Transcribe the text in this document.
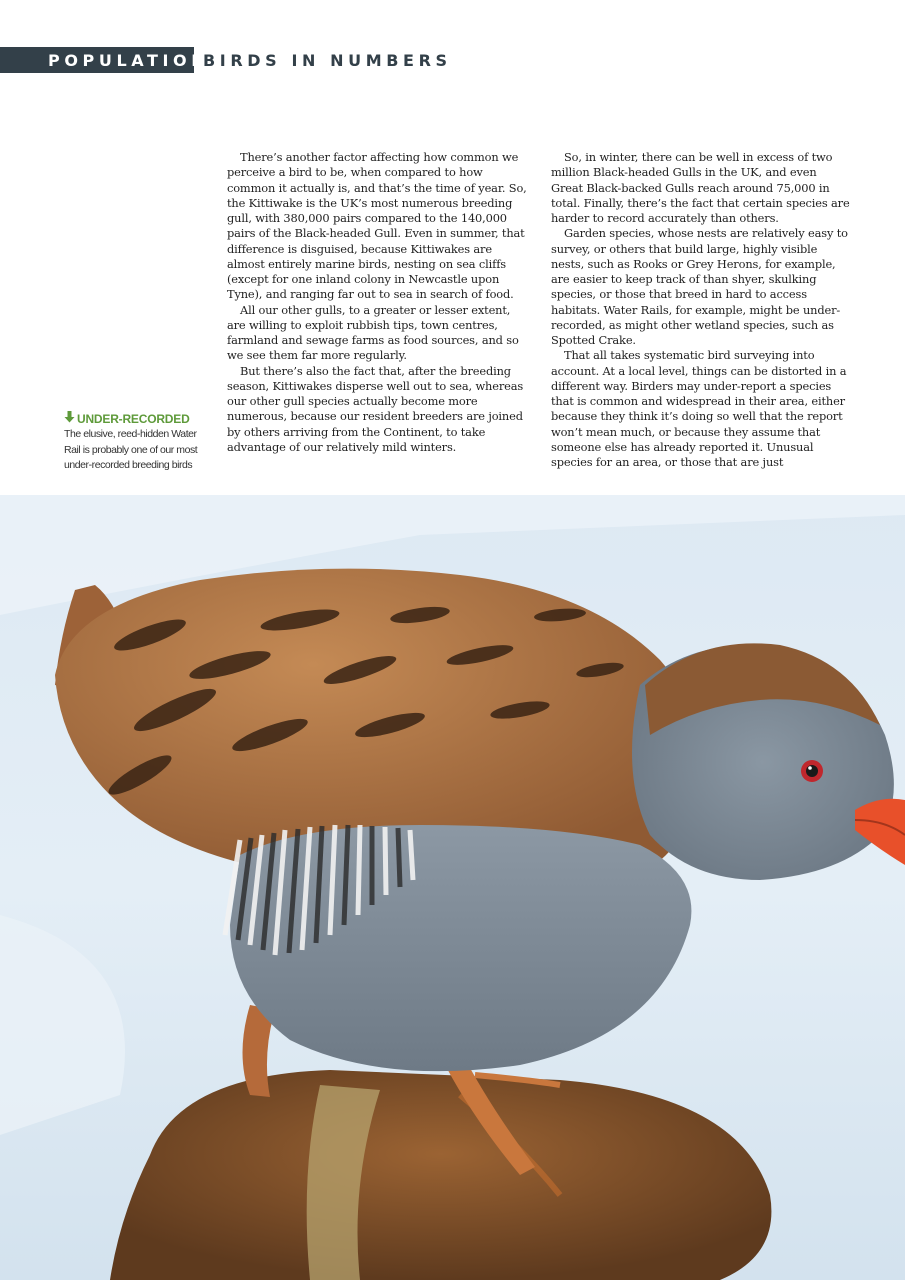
POPULATION
BIRDS IN NUMBERS

There’s another factor affecting how common we perceive a bird to be, when compared to how common it actually is, and that’s the time of year. So, the Kittiwake is the UK’s most numerous breeding gull, with 380,000 pairs compared to the 140,000 pairs of the Black-headed Gull. Even in summer, that difference is disguised, because Kittiwakes are almost entirely marine birds, nesting on sea cliffs (except for one inland colony in Newcastle upon Tyne), and ranging far out to sea in search of food.

All our other gulls, to a greater or lesser extent, are willing to exploit rubbish tips, town centres, farmland and sewage farms as food sources, and so we see them far more regularly.

But there’s also the fact that, after the breeding season, Kittiwakes disperse well out to sea, whereas our other gull species actually become more numerous, because our resident breeders are joined by others arriving from the Continent, to take advantage of our relatively mild winters.

So, in winter, there can be well in excess of two million Black-headed Gulls in the UK, and even Great Black-backed Gulls reach around 75,000 in total. Finally, there’s the fact that certain species are harder to record accurately than others.

Garden species, whose nests are relatively easy to survey, or others that build large, highly visible nests, such as Rooks or Grey Herons, for example, are easier to keep track of than shyer, skulking species, or those that breed in hard to access habitats. Water Rails, for example, might be under-recorded, as might other wetland species, such as Spotted Crake.

That all takes systematic bird surveying into account. At a local level, things can be distorted in a different way. Birders may under-report a species that is common and widespread in their area, either because they think it’s doing so well that the report won’t mean much, or because they assume that someone else has already reported it. Unusual species for an area, or those that are just

UNDER-RECORDED
The elusive, reed-hidden Water Rail is probably one of our most under-recorded breeding birds
